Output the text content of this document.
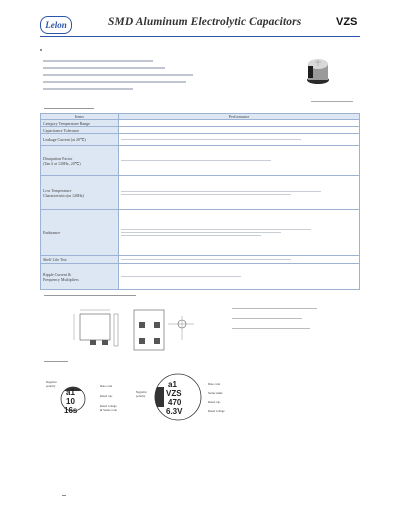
Lelon	SMD Aluminum Electrolytic Capacitors	VZS
Items	Performance
Category Temperature Range	
Capacitance Tolerance	
Leakage Current (at 20℃)	

Dissipation Factor
(Tan δ at 120Hz, 20℃)	

Low Temperature
Characteristics(at 120Hz)	

Endurance	

Shelf Life Test	

Ripple Current &
Frequency Multipliers	

Negative
polarity
a1
10
16s
Date code
Rated cap.
Rated voltage
& Series code
Negative
polarity
a1
VZS
470
6.3V
Date code
Series name
Rated cap.
Rated voltage
